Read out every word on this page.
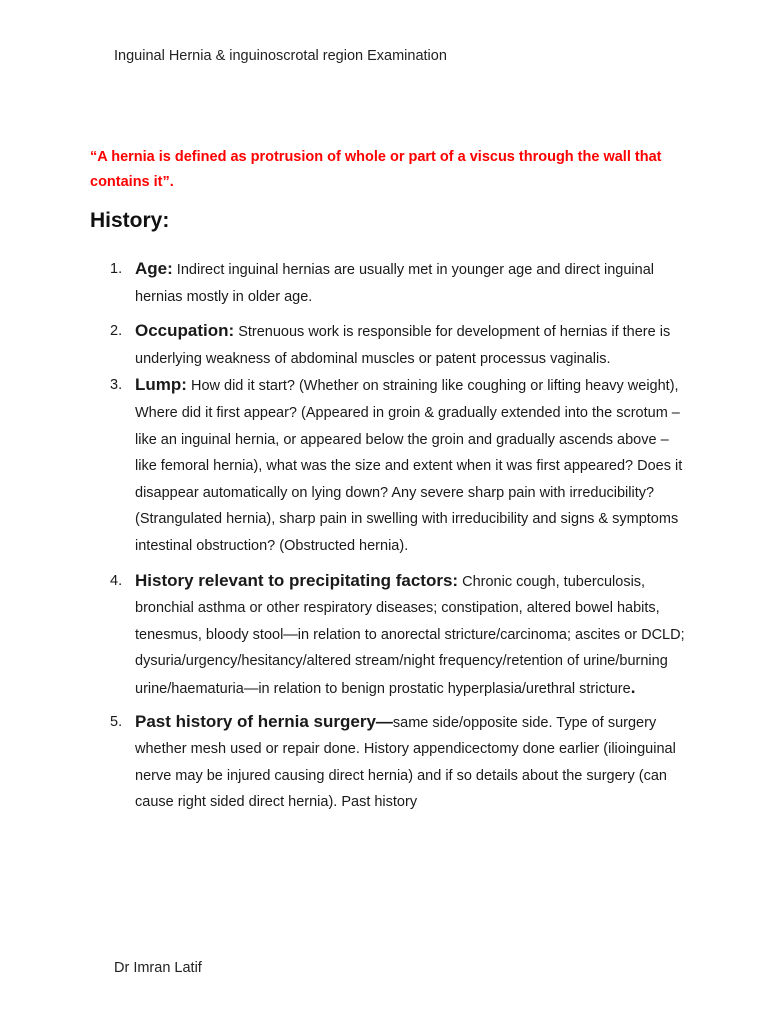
Inguinal Hernia & inguinoscrotal region Examination
“A hernia is defined as protrusion of whole or part of a viscus through the wall that contains it”.
History:
1. Age: Indirect inguinal hernias are usually met in younger age and direct inguinal hernias mostly in older age.
2. Occupation: Strenuous work is responsible for development of hernias if there is underlying weakness of abdominal muscles or patent processus vaginalis.
3. Lump: How did it start? (Whether on straining like coughing or lifting heavy weight), Where did it first appear? (Appeared in groin & gradually extended into the scrotum – like an inguinal hernia, or appeared below the groin and gradually ascends above – like femoral hernia), what was the size and extent when it was first appeared? Does it disappear automatically on lying down? Any severe sharp pain with irreducibility? (Strangulated hernia), sharp pain in swelling with irreducibility and signs & symptoms intestinal obstruction? (Obstructed hernia).
4. History relevant to precipitating factors: Chronic cough, tuberculosis, bronchial asthma or other respiratory diseases; constipation, altered bowel habits, tenesmus, bloody stool—in relation to anorectal stricture/carcinoma; ascites or DCLD; dysuria/urgency/hesitancy/altered stream/night frequency/retention of urine/burning urine/haematuria—in relation to benign prostatic hyperplasia/urethral stricture.
5. Past history of hernia surgery—same side/opposite side. Type of surgery whether mesh used or repair done. History appendicectomy done earlier (ilioinguinal nerve may be injured causing direct hernia) and if so details about the surgery (can cause right sided direct hernia). Past history
Dr Imran Latif
